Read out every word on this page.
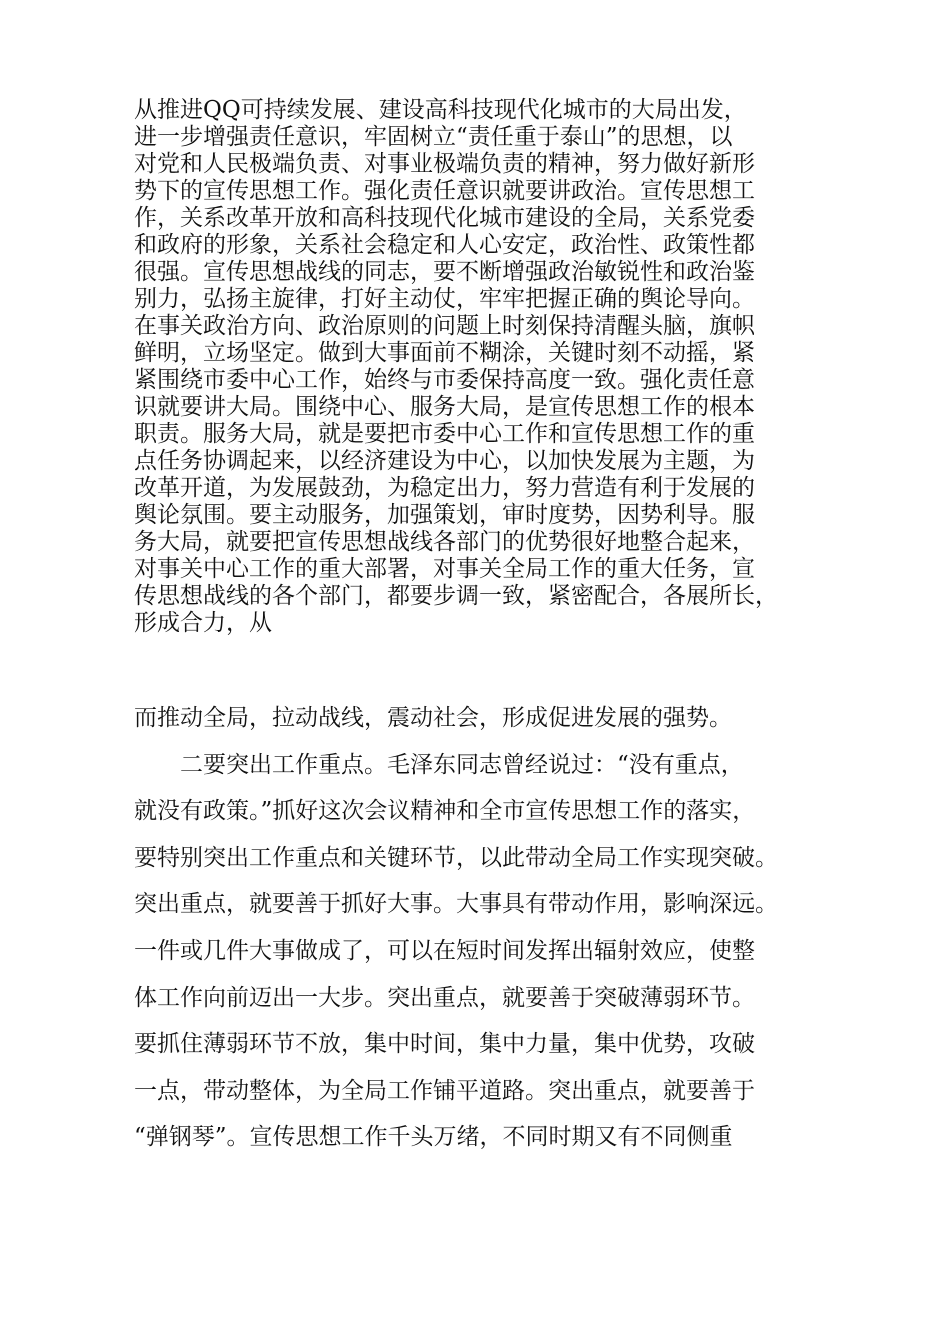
从推进QQ可持续发展、建设高科技现代化城市的大局出发，
进一步增强责任意识，牢固树立“责任重于泰山”的思想，以
对党和人民极端负责、对事业极端负责的精神，努力做好新形
势下的宣传思想工作。强化责任意识就要讲政治。宣传思想工
作，关系改革开放和高科技现代化城市建设的全局，关系党委
和政府的形象，关系社会稳定和人心安定，政治性、政策性都
很强。宣传思想战线的同志，要不断增强政治敏锐性和政治鉴
别力，弘扬主旋律，打好主动仗，牢牢把握正确的舆论导向。
在事关政治方向、政治原则的问题上时刻保持清醒头脑，旗帜
鲜明，立场坚定。做到大事面前不糊涂，关键时刻不动摇，紧
紧围绕市委中心工作，始终与市委保持高度一致。强化责任意
识就要讲大局。围绕中心、服务大局，是宣传思想工作的根本
职责。服务大局，就是要把市委中心工作和宣传思想工作的重
点任务协调起来，以经济建设为中心，以加快发展为主题，为
改革开道，为发展鼓劲，为稳定出力，努力营造有利于发展的
舆论氛围。要主动服务，加强策划，审时度势，因势利导。服
务大局，就要把宣传思想战线各部门的优势很好地整合起来，
对事关中心工作的重大部署，对事关全局工作的重大任务，宣
传思想战线的各个部门，都要步调一致，紧密配合，各展所长，
形成合力，从
而推动全局，拉动战线，震动社会，形成促进发展的强势。
　　二要突出工作重点。毛泽东同志曾经说过：“没有重点，
就没有政策。”抓好这次会议精神和全市宣传思想工作的落实，
要特别突出工作重点和关键环节，以此带动全局工作实现突破。
突出重点，就要善于抓好大事。大事具有带动作用，影响深远。
一件或几件大事做成了，可以在短时间发挥出辐射效应，使整
体工作向前迈出一大步。突出重点，就要善于突破薄弱环节。
要抓住薄弱环节不放，集中时间，集中力量，集中优势，攻破
一点，带动整体，为全局工作铺平道路。突出重点，就要善于
“弹钢琴”。宣传思想工作千头万绪，不同时期又有不同侧重
